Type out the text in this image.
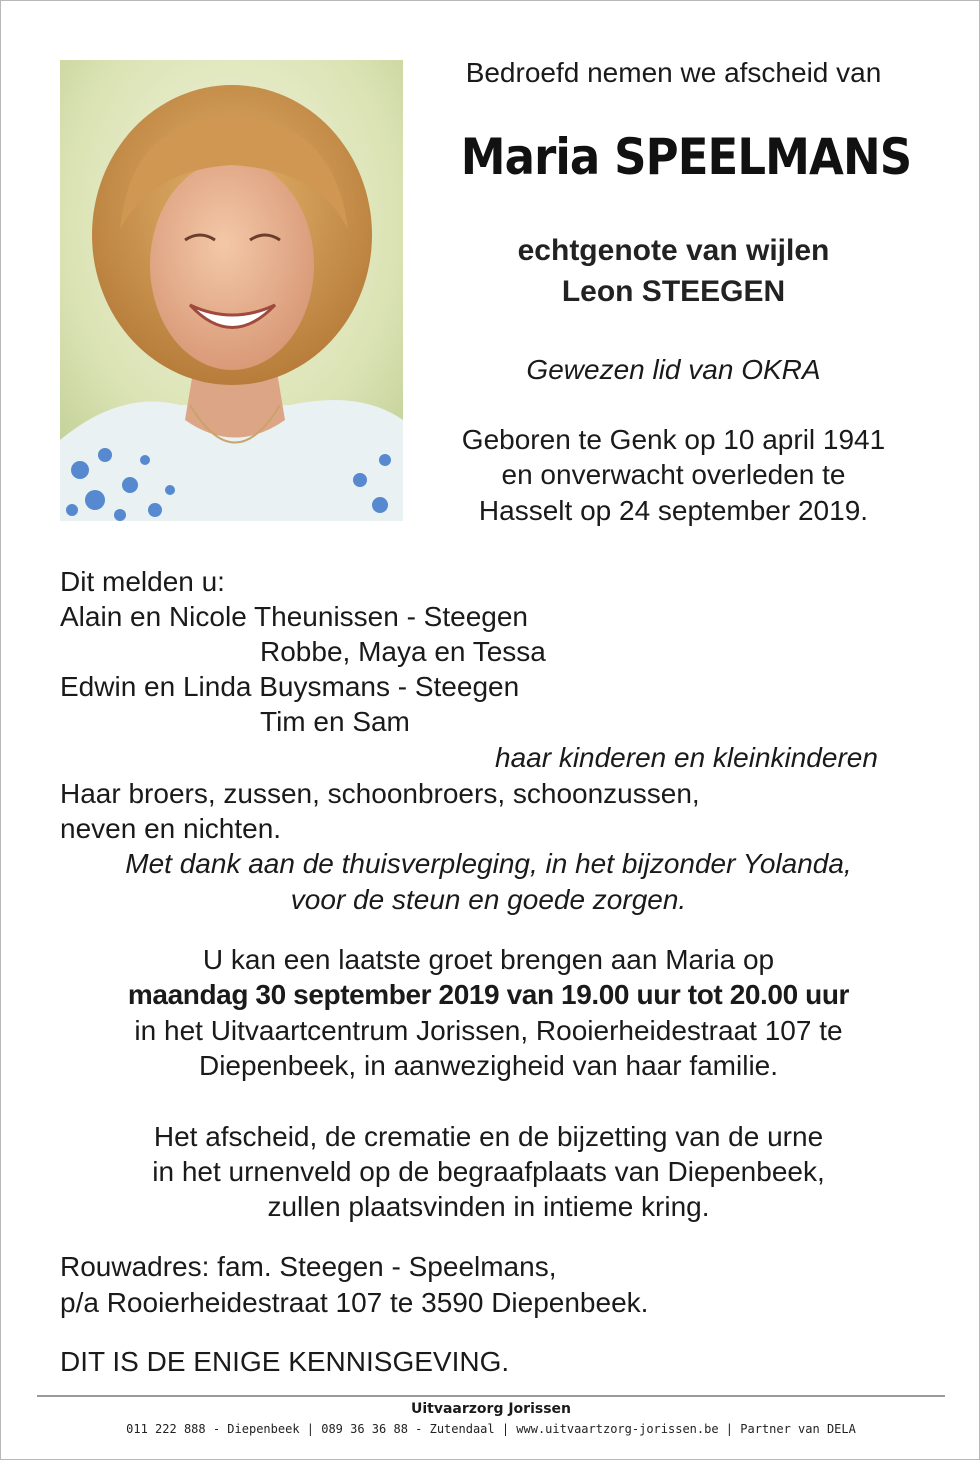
Bedroefd nemen we afscheid van

Maria SPEELMANS

echtgenote van wijlen

Leon STEEGEN

Gewezen lid van OKRA

Geboren te Genk op 10 april 1941

en onverwacht overleden te

Hasselt op 24 september 2019.

Dit melden u:

Alain en Nicole Theunissen - Steegen

Robbe, Maya en Tessa

Edwin en Linda Buysmans - Steegen

Tim en Sam

haar kinderen en kleinkinderen

Haar broers, zussen, schoonbroers, schoonzussen,

neven en nichten.

Met dank aan de thuisverpleging, in het bijzonder Yolanda,

voor de steun en goede zorgen.

U kan een laatste groet brengen aan Maria op

maandag 30 september 2019 van 19.00 uur tot 20.00 uur

in het Uitvaartcentrum Jorissen, Rooierheidestraat 107 te

Diepenbeek, in aanwezigheid van haar familie.

Het afscheid, de crematie en de bijzetting van de urne

in het urnenveld op de begraafplaats van Diepenbeek,

zullen plaatsvinden in intieme kring.

Rouwadres: fam. Steegen - Speelmans,

p/a Rooierheidestraat 107 te 3590 Diepenbeek.

DIT IS DE ENIGE KENNISGEVING.

Uitvaarzorg Jorissen

011 222 888 - Diepenbeek | 089 36 36 88 - Zutendaal | www.uitvaartzorg-jorissen.be | Partner van DELA
